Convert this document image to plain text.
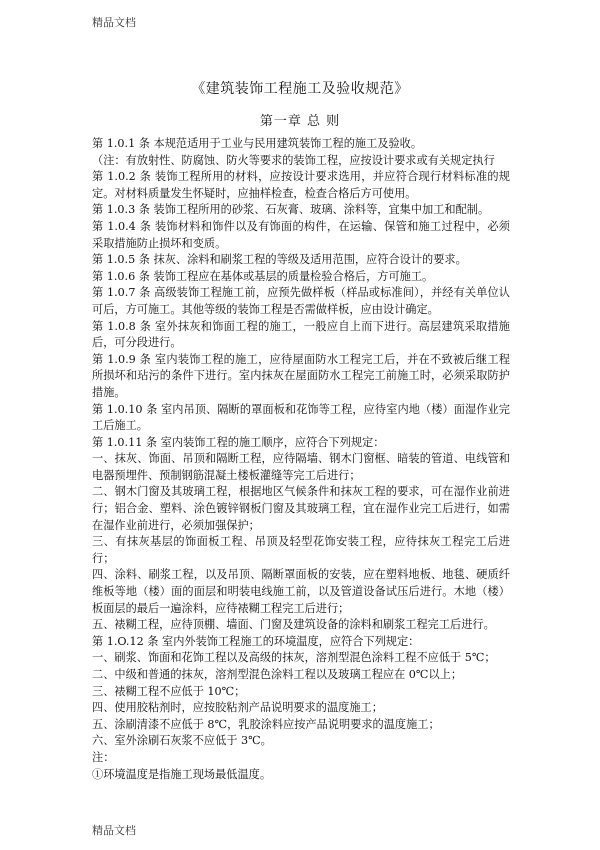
精品文档
《建筑装饰工程施工及验收规范》
第一章 总 则

第 1.0.1 条 本规范适用于工业与民用建筑装饰工程的施工及验收。

（注：有放射性、防腐蚀、防火等要求的装饰工程，应按设计要求或有关规定执行

第 1.0.2 条 装饰工程所用的材料，应按设计要求选用，并应符合现行材料标准的规定。对材料质量发生怀疑时，应抽样检查，检查合格后方可使用。

第 1.0.3 条 装饰工程所用的砂浆、石灰膏、玻璃、涂料等，宜集中加工和配制。

第 1.0.4 条 装饰材料和饰件以及有饰面的构件，在运输、保管和施工过程中，必须采取措施防止损坏和变质。

第 1.0.5 条 抹灰、涂料和刷浆工程的等级及适用范围，应符合设计的要求。

第 1.0.6 条 装饰工程应在基体或基层的质量检验合格后，方可施工。

第 1.0.7 条 高级装饰工程施工前，应预先做样板（样品或标准间），并经有关单位认可后，方可施工。其他等级的装饰工程是否需做样板，应由设计确定。

第 1.0.8 条 室外抹灰和饰面工程的施工，一般应自上而下进行。高层建筑采取措施后，可分段进行。

第 1.0.9 条 室内装饰工程的施工，应待屋面防水工程完工后，并在不致被后继工程所损坏和玷污的条件下进行。室内抹灰在屋面防水工程完工前施工时，必须采取防护措施。

第 1.0.10 条 室内吊顶、隔断的罩面板和花饰等工程，应待室内地（楼）面湿作业完工后施工。

第 1.0.11 条 室内装饰工程的施工顺序，应符合下列规定：

一、抹灰、饰面、吊顶和隔断工程，应待隔墙、钢木门窗框、暗装的管道、电线管和电器预埋件、预制钢筋混凝土楼板灌缝等完工后进行；

二、钢木门窗及其玻璃工程，根据地区气候条件和抹灰工程的要求，可在湿作业前进行；铝合金、塑料、涂色镀锌钢板门窗及其玻璃工程，宜在湿作业完工后进行，如需在湿作业前进行，必须加强保护；

三、有抹灰基层的饰面板工程、吊顶及轻型花饰安装工程，应待抹灰工程完工后进行；

四、涂料、刷浆工程，以及吊顶、隔断罩面板的安装，应在塑料地板、地毯、硬质纤维板等地（楼）面的面层和明装电线施工前，以及管道设备试压后进行。木地（楼）板面层的最后一遍涂料，应待裱糊工程完工后进行；

五、裱糊工程，应待顶棚、墙面、门窗及建筑设备的涂料和刷浆工程完工后进行。

第 1.O.12 条 室内外装饰工程施工的环境温度，应符合下列规定：

一、刷浆、饰面和花饰工程以及高级的抹灰，溶剂型混色涂料工程不应低于 5℃；

二、中级和普通的抹灰，溶剂型混色涂料工程以及玻璃工程应在 0℃以上；

三、裱糊工程不应低于 10℃；

四、使用胶粘剂时，应按胶粘剂产品说明要求的温度施工；

五、涂刷清漆不应低于 8℃，乳胶涂料应按产品说明要求的温度施工；

六、室外涂刷石灰浆不应低于 3℃。

注：

①环境温度是指施工现场最低温度。

精品文档
